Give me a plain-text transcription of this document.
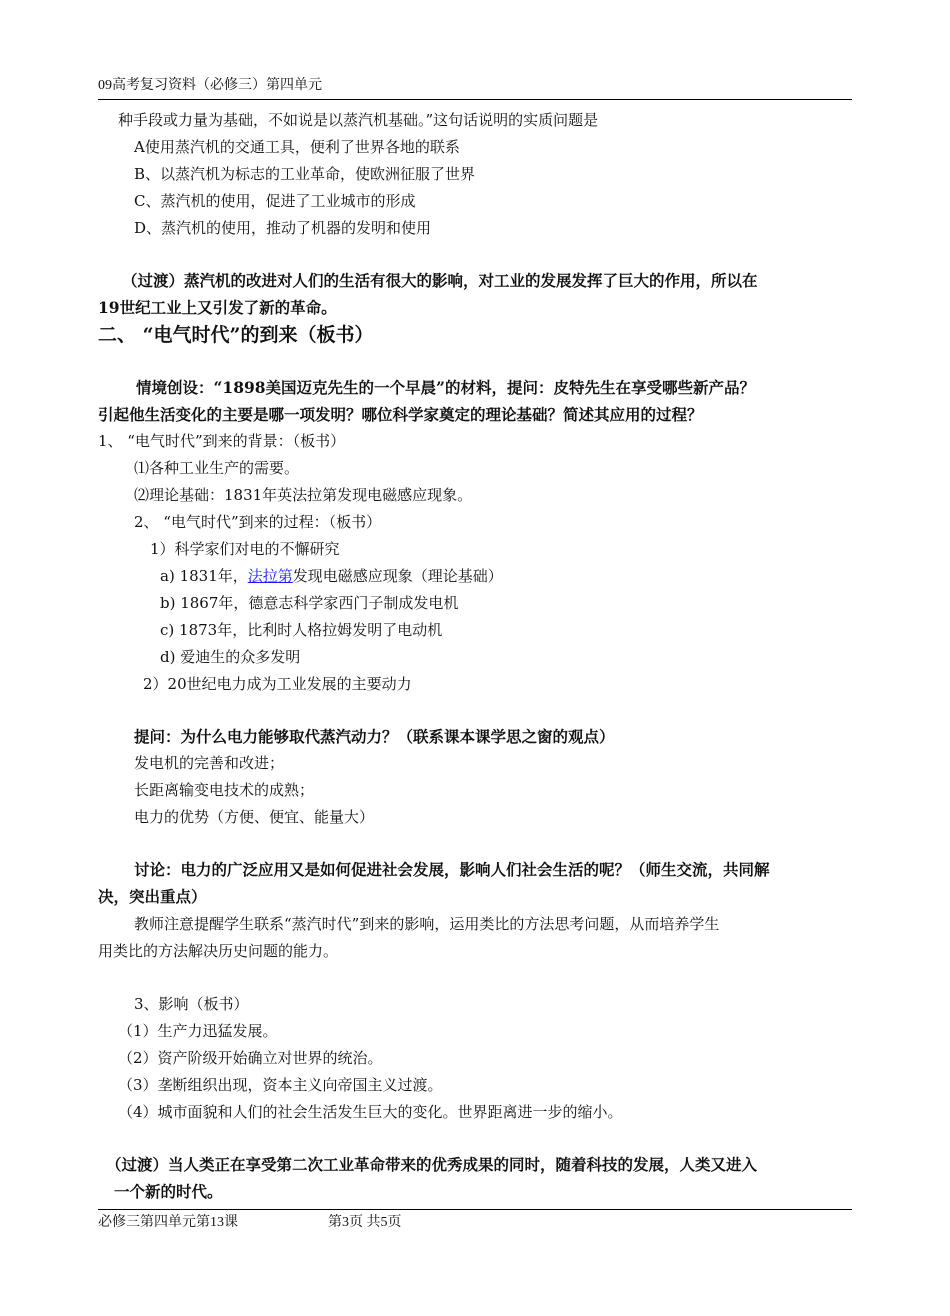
09高考复习资料（必修三）第四单元
种手段或力量为基础，不如说是以蒸汽机基础。”这句话说明的实质问题是
A使用蒸汽机的交通工具，便利了世界各地的联系
B、以蒸汽机为标志的工业革命，使欧洲征服了世界
C、蒸汽机的使用，促进了工业城市的形成
D、蒸汽机的使用，推动了机器的发明和使用
（过渡）蒸汽机的改进对人们的生活有很大的影响，对工业的发展发挥了巨大的作用，所以在
19世纪工业上又引发了新的革命。
二、 “电气时代”的到来（板书）
情境创设：“1898美国迈克先生的一个早晨”的材料，提问：皮特先生在享受哪些新产品？
引起他生活变化的主要是哪一项发明？哪位科学家奠定的理论基础？简述其应用的过程？
1、 “电气时代”到来的背景：（板书）
⑴各种工业生产的需要。
⑵理论基础：1831年英法拉第发现电磁感应现象。
2、 “电气时代”到来的过程：（板书）
1）科学家们对电的不懈研究
a) 1831年，法拉第发现电磁感应现象（理论基础）
b) 1867年，德意志科学家西门子制成发电机
c) 1873年，比利时人格拉姆发明了电动机
d) 爱迪生的众多发明
2）20世纪电力成为工业发展的主要动力
提问：为什么电力能够取代蒸汽动力？（联系课本课学思之窗的观点）
发电机的完善和改进；
长距离输变电技术的成熟；
电力的优势（方便、便宜、能量大）
讨论：电力的广泛应用又是如何促进社会发展，影响人们社会生活的呢？（师生交流，共同解
决，突出重点）
教师注意提醒学生联系“蒸汽时代”到来的影响，运用类比的方法思考问题，从而培养学生
用类比的方法解决历史问题的能力。
3、影响（板书）
（1）生产力迅猛发展。
（2）资产阶级开始确立对世界的统治。
（3）垄断组织出现，资本主义向帝国主义过渡。
（4）城市面貌和人们的社会生活发生巨大的变化。世界距离进一步的缩小。
（过渡）当人类正在享受第二次工业革命带来的优秀成果的同时，随着科技的发展，人类又进入
一个新的时代。
必修三第四单元第13课	第3页 共5页
